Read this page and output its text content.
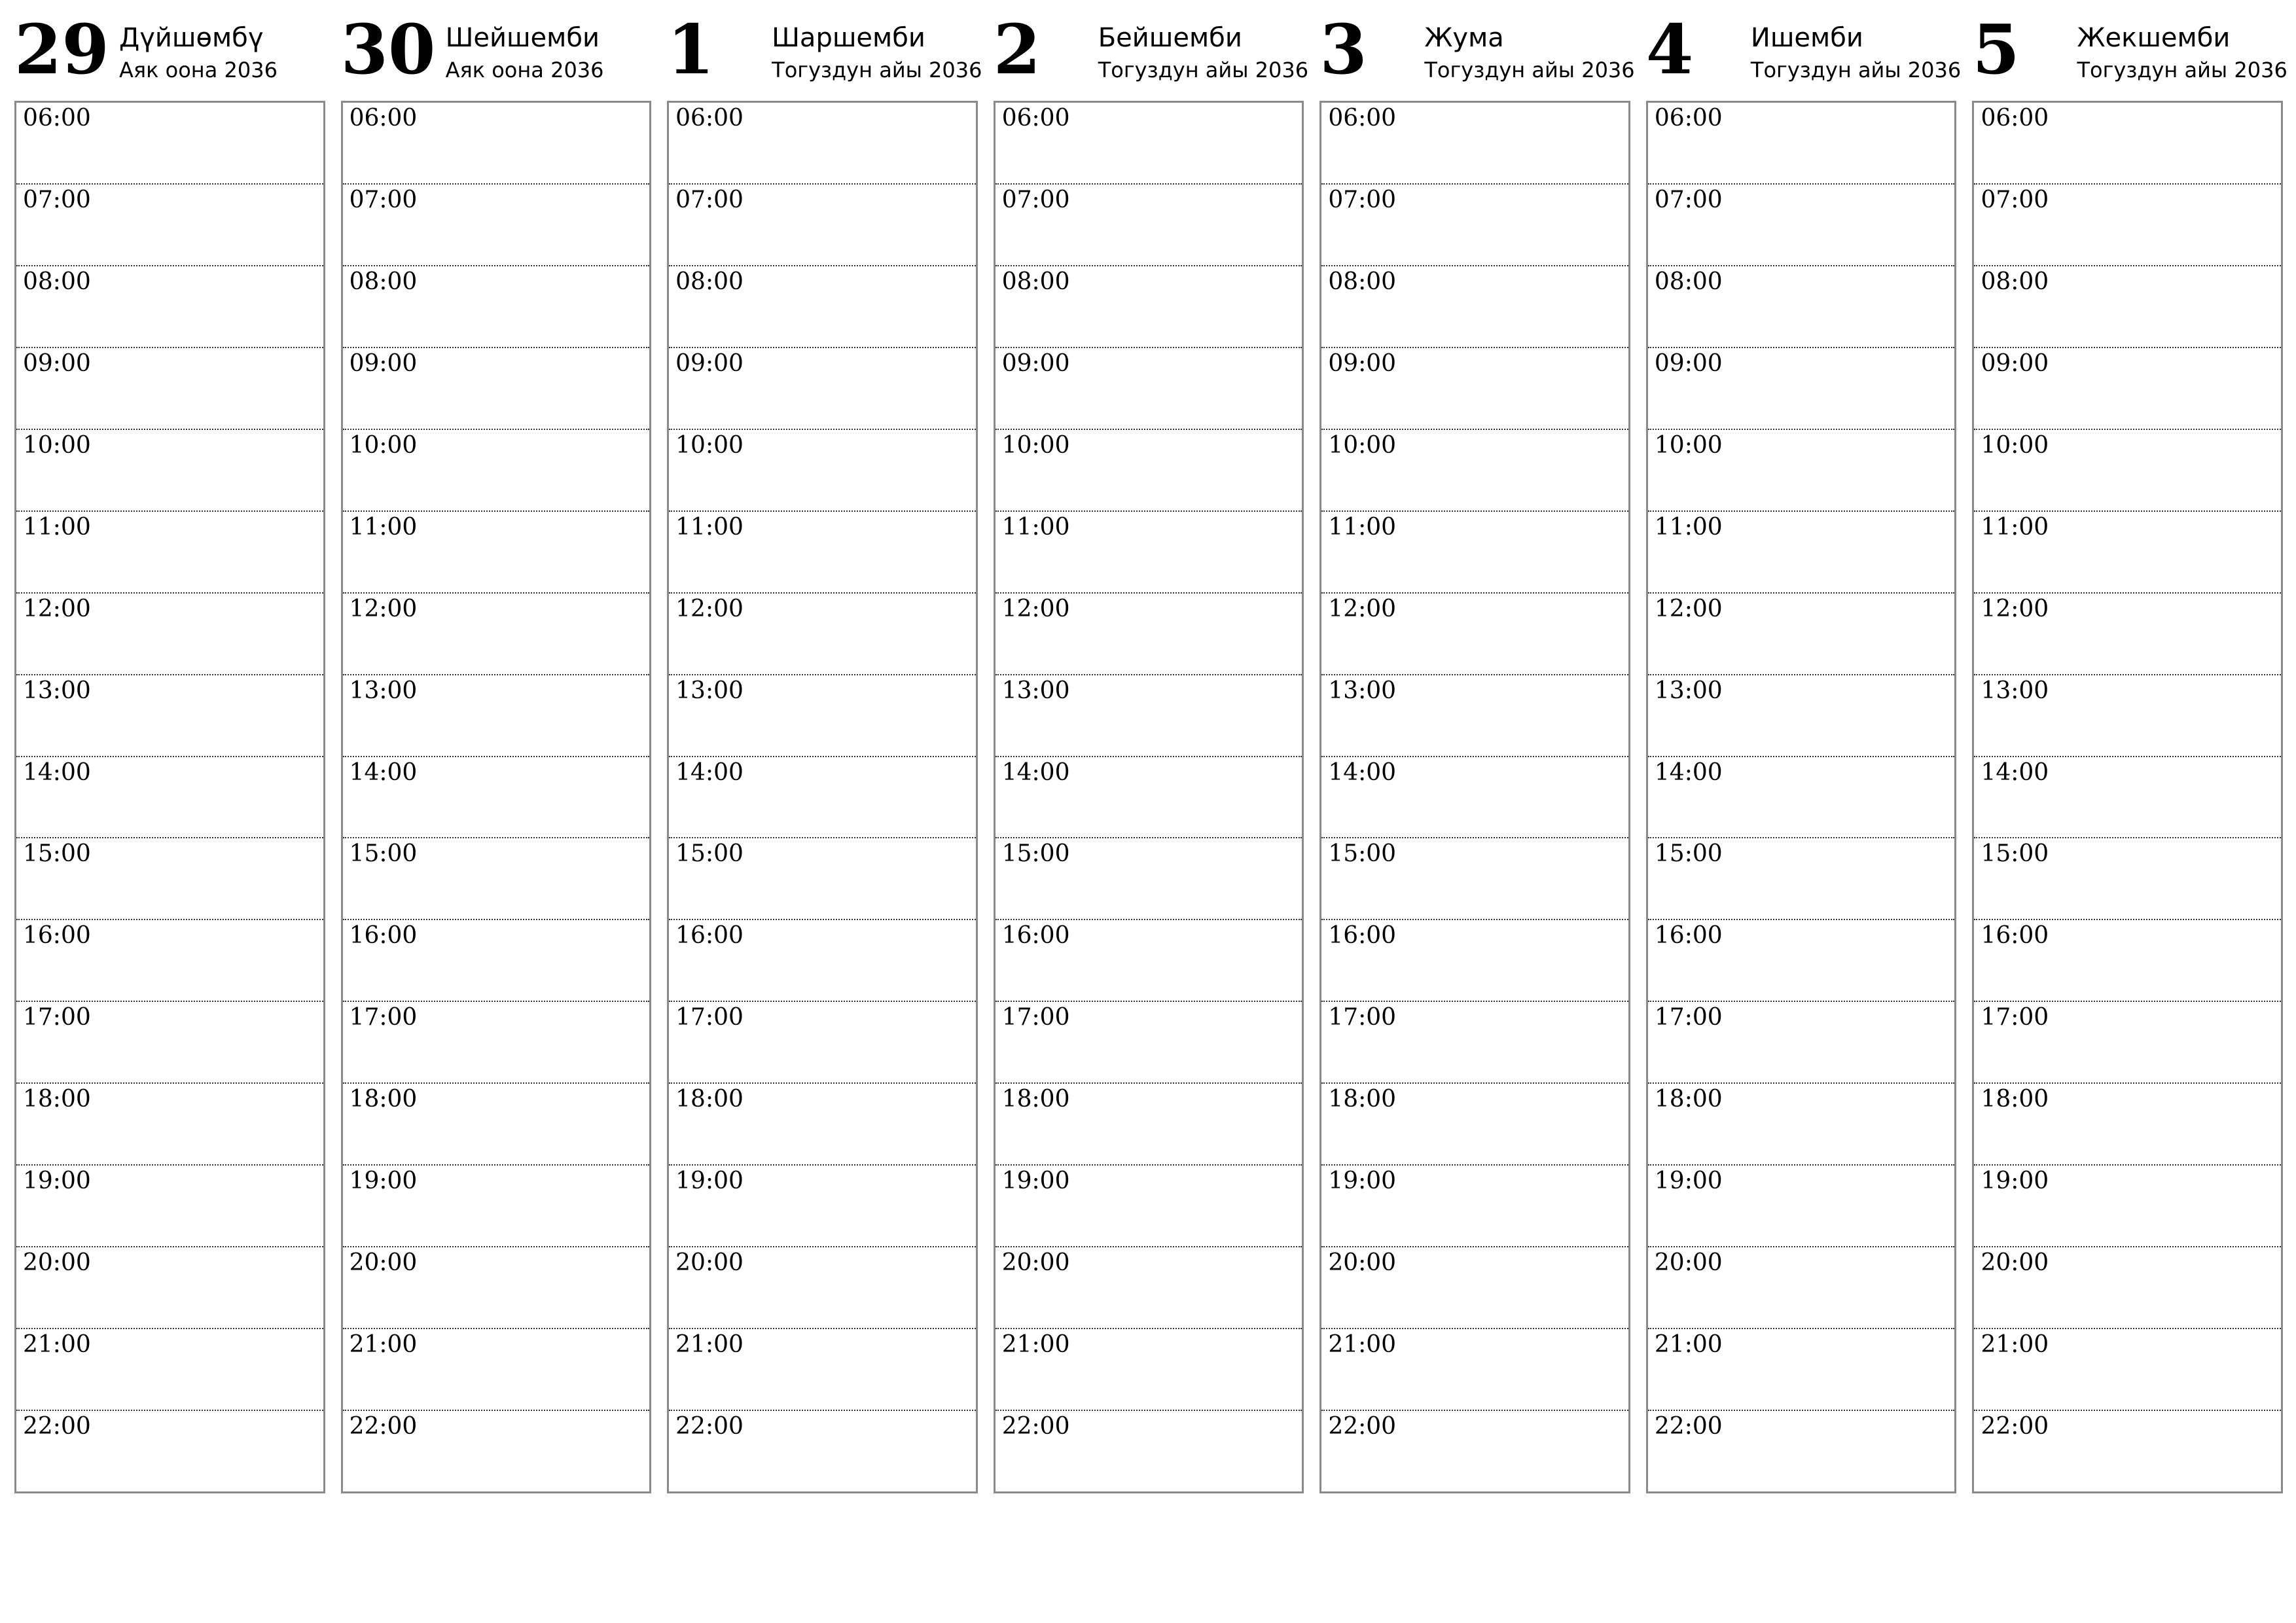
29 Дүйшөмбү
Аяк оона 2036
06:00
07:00
08:00
09:00
10:00
11:00
12:00
13:00
14:00
15:00
16:00
17:00
18:00
19:00
20:00
21:00
22:00
30 Шейшемби
Аяк оона 2036
06:00
07:00
08:00
09:00
10:00
11:00
12:00
13:00
14:00
15:00
16:00
17:00
18:00
19:00
20:00
21:00
22:00
1 Шаршемби
Тогуздун айы 2036
06:00
07:00
08:00
09:00
10:00
11:00
12:00
13:00
14:00
15:00
16:00
17:00
18:00
19:00
20:00
21:00
22:00
2 Бейшемби
Тогуздун айы 2036
06:00
07:00
08:00
09:00
10:00
11:00
12:00
13:00
14:00
15:00
16:00
17:00
18:00
19:00
20:00
21:00
22:00
3 Жума
Тогуздун айы 2036
06:00
07:00
08:00
09:00
10:00
11:00
12:00
13:00
14:00
15:00
16:00
17:00
18:00
19:00
20:00
21:00
22:00
4 Ишемби
Тогуздун айы 2036
06:00
07:00
08:00
09:00
10:00
11:00
12:00
13:00
14:00
15:00
16:00
17:00
18:00
19:00
20:00
21:00
22:00
5 Жекшемби
Тогуздун айы 2036
06:00
07:00
08:00
09:00
10:00
11:00
12:00
13:00
14:00
15:00
16:00
17:00
18:00
19:00
20:00
21:00
22:00
